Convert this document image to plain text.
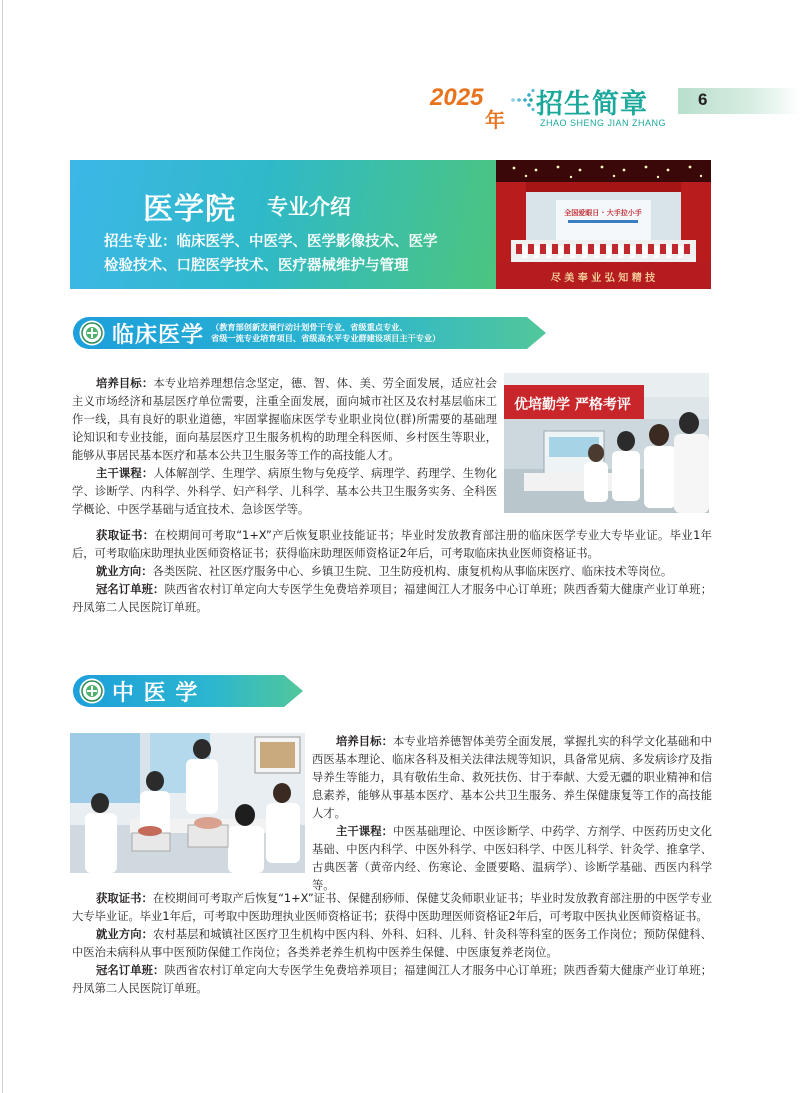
2025
年 招生简章
ZHAO SHENG JIAN ZHANG
6
医学院 专业介绍
招生专业：临床医学、中医学、医学影像技术、医学
检验技术、口腔医学技术、医疗器械维护与管理
全国爱眼日 · 大手拉小手
尽 美 奉 业 弘 知 精 技
临床医学 （教育部创新发展行动计划骨干专业、省级重点专业、
省级一流专业培育项目、省级高水平专业群建设项目主干专业）

培养目标：本专业培养理想信念坚定，德、智、体、美、劳全面发展，适应社会主义市场经济和基层医疗单位需要，注重全面发展，面向城市社区及农村基层临床工作一线，具有良好的职业道德，牢固掌握临床医学专业职业岗位(群)所需要的基础理论知识和专业技能，面向基层医疗卫生服务机构的助理全科医师、乡村医生等职业，能够从事居民基本医疗和基本公共卫生服务等工作的高技能人才。

主干课程：人体解剖学、生理学、病原生物与免疫学、病理学、药理学、生物化学、诊断学、内科学、外科学、妇产科学、儿科学、基本公共卫生服务实务、全科医学概论、中医学基础与适宜技术、急诊医学等。

优培勤学 严格考评

获取证书：在校期间可考取“1+X”产后恢复职业技能证书；毕业时发放教育部注册的临床医学专业大专毕业证。毕业1年后，可考取临床助理执业医师资格证书；获得临床助理医师资格证2年后，可考取临床执业医师资格证书。

就业方向：各类医院、社区医疗服务中心、乡镇卫生院、卫生防疫机构、康复机构从事临床医疗、临床技术等岗位。

冠名订单班：陕西省农村订单定向大专医学生免费培养项目；福建闽江人才服务中心订单班；陕西香菊大健康产业订单班；丹凤第二人民医院订单班。

中 医 学

培养目标：本专业培养德智体美劳全面发展，掌握扎实的科学文化基础和中西医基本理论、临床各科及相关法律法规等知识，具备常见病、多发病诊疗及指导养生等能力，具有敬佑生命、救死扶伤、甘于奉献、大爱无疆的职业精神和信息素养，能够从事基本医疗、基本公共卫生服务、养生保健康复等工作的高技能人才。

主干课程：中医基础理论、中医诊断学、中药学、方剂学、中医药历史文化基础、中医内科学、中医外科学、中医妇科学、中医儿科学、针灸学、推拿学、古典医著（黄帝内经、伤寒论、金匮要略、温病学）、诊断学基础、西医内科学等。

获取证书：在校期间可考取产后恢复“1+X”证书、保健刮痧师、保健艾灸师职业证书；毕业时发放教育部注册的中医学专业大专毕业证。毕业1年后，可考取中医助理执业医师资格证书；获得中医助理医师资格证2年后，可考取中医执业医师资格证书。

就业方向：农村基层和城镇社区医疗卫生机构中医内科、外科、妇科、儿科、针灸科等科室的医务工作岗位；预防保健科、中医治未病科从事中医预防保健工作岗位；各类养老养生机构中医养生保健、中医康复养老岗位。

冠名订单班：陕西省农村订单定向大专医学生免费培养项目；福建闽江人才服务中心订单班；陕西香菊大健康产业订单班；丹凤第二人民医院订单班。
